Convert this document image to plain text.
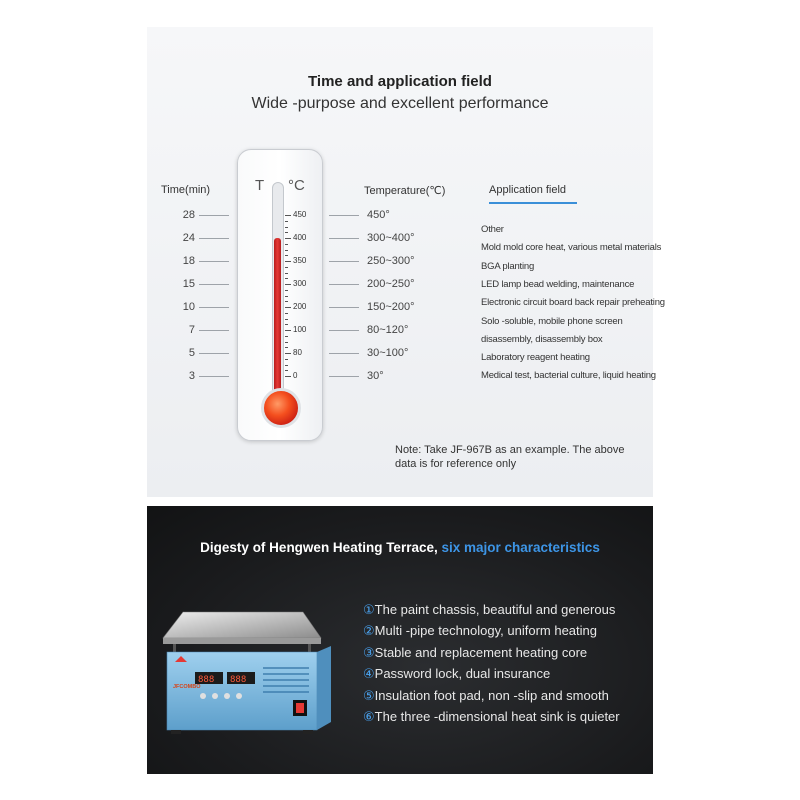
Time and application field
Wide -purpose and excellent performance
Time(min)	Temperature(℃)	Application field
T °C
28	450°
450
24	300~400°
400
18	250~300°
350
15	200~250°
300
10	150~200°
200
7	80~120°
100
5	30~100°
80
3	30°
0
Other
Mold mold core heat, various metal materials
BGA planting
LED lamp bead welding, maintenance
Electronic circuit board back repair preheating
Solo -soluble, mobile phone screen
disassembly, disassembly box
Laboratory reagent heating
Medical test, bacterial culture, liquid heating
Note: Take JF-967B as an example. The above
data is for reference only
Digesty of Hengwen Heating Terrace, six major characteristics
JFCOMBO
888 888
①The paint chassis, beautiful and generous
②Multi -pipe technology, uniform heating
③Stable and replacement heating core
④Password lock, dual insurance
⑤Insulation foot pad, non -slip and smooth
⑥The three -dimensional heat sink is quieter
